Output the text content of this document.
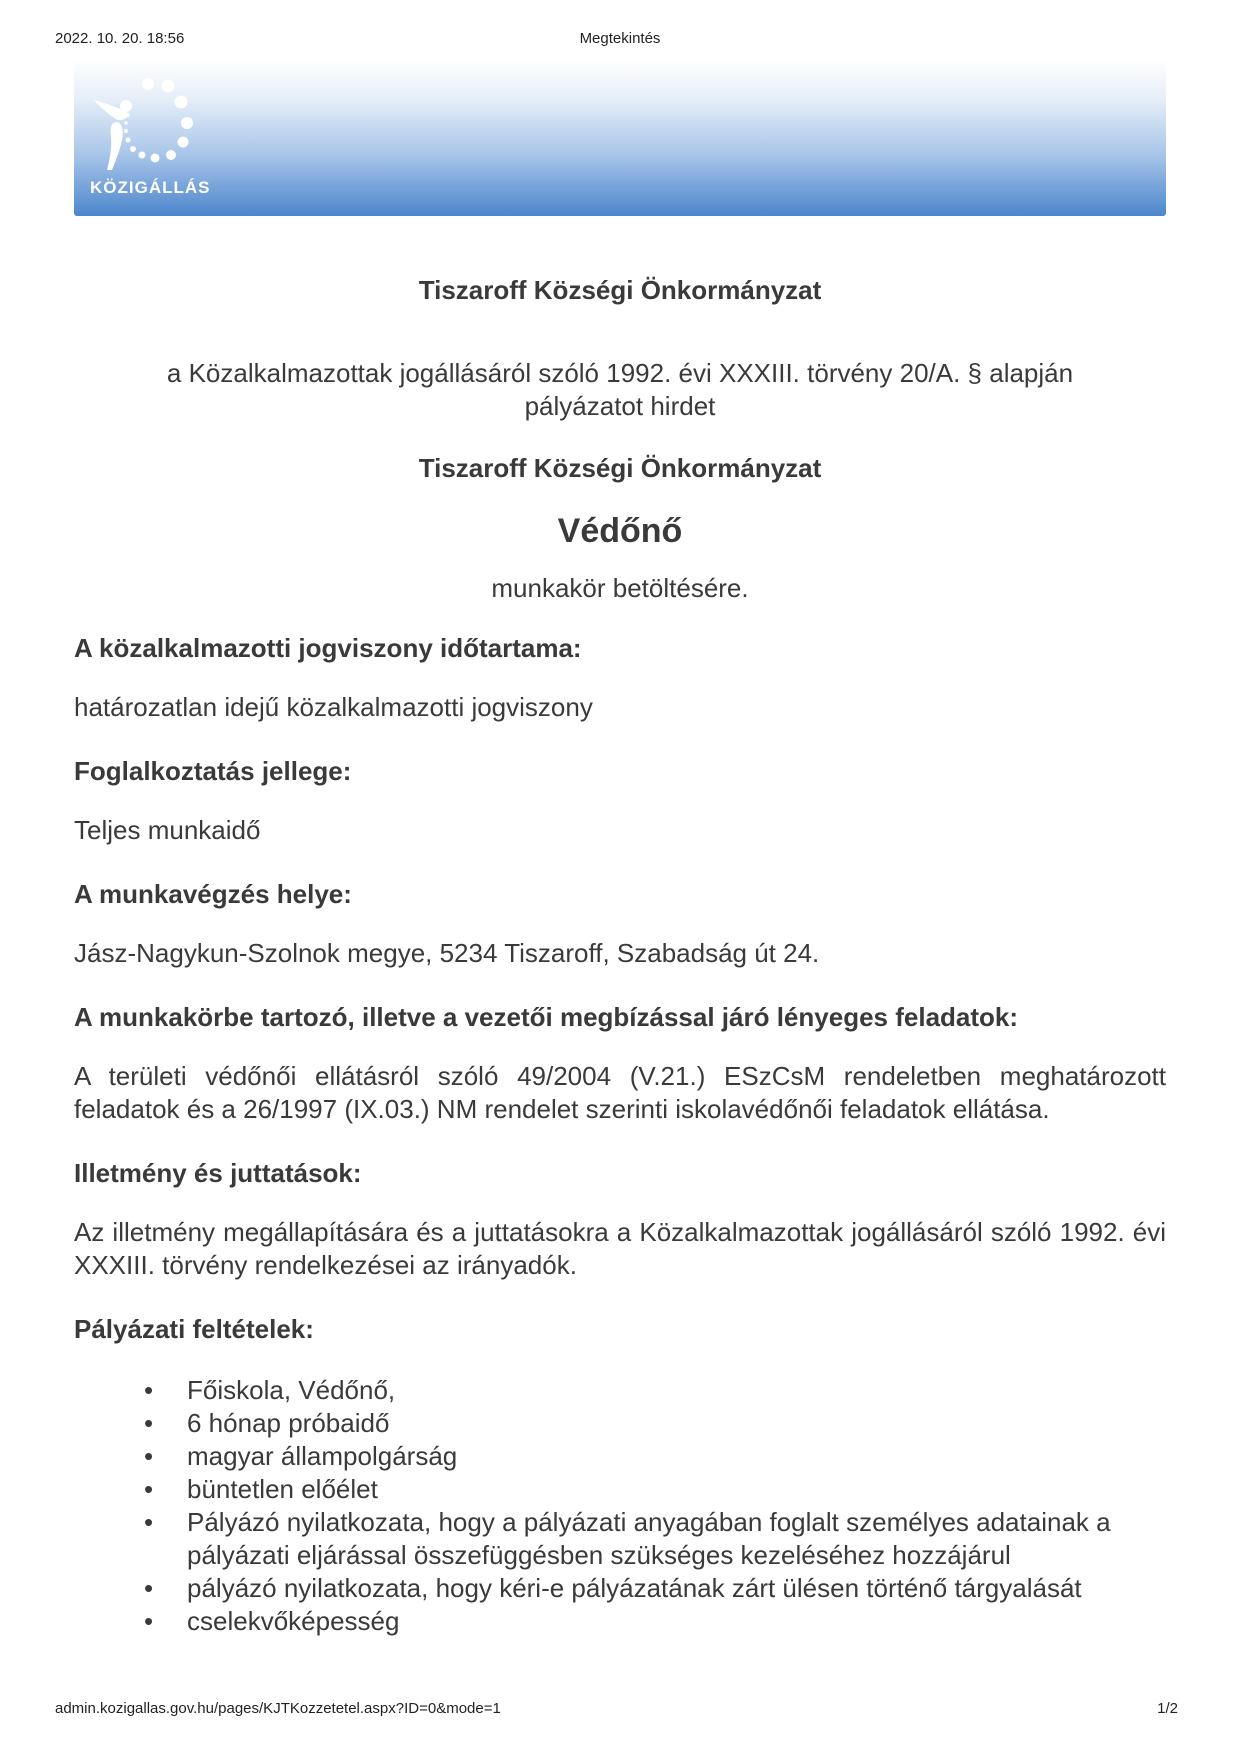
2022. 10. 20. 18:56	Megtekintés
KÖZIGÁLLÁS
Tiszaroff Községi Önkormányzat
a Közalkalmazottak jogállásáról szóló 1992. évi XXXIII. törvény 20/A. § alapján pályázatot hirdet
Tiszaroff Községi Önkormányzat
Védőnő
munkakör betöltésére.
A közalkalmazotti jogviszony időtartama:
határozatlan idejű közalkalmazotti jogviszony
Foglalkoztatás jellege:
Teljes munkaidő
A munkavégzés helye:
Jász-Nagykun-Szolnok megye, 5234 Tiszaroff, Szabadság út 24.
A munkakörbe tartozó, illetve a vezetői megbízással járó lényeges feladatok:
A területi védőnői ellátásról szóló 49/2004 (V.21.) ESzCsM rendeletben meghatározott feladatok és a 26/1997 (IX.03.) NM rendelet szerinti iskolavédőnői feladatok ellátása.
Illetmény és juttatások:
Az illetmény megállapítására és a juttatásokra a Közalkalmazottak jogállásáról szóló 1992. évi XXXIII. törvény rendelkezései az irányadók.
Pályázati feltételek:
• Főiskola, Védőnő,
• 6 hónap próbaidő
• magyar állampolgárság
• büntetlen előélet
• Pályázó nyilatkozata, hogy a pályázati anyagában foglalt személyes adatainak a pályázati eljárással összefüggésben szükséges kezeléséhez hozzájárul
• pályázó nyilatkozata, hogy kéri-e pályázatának zárt ülésen történő tárgyalását
• cselekvőképesség
admin.kozigallas.gov.hu/pages/KJTKozzetetel.aspx?ID=0&mode=1	1/2
